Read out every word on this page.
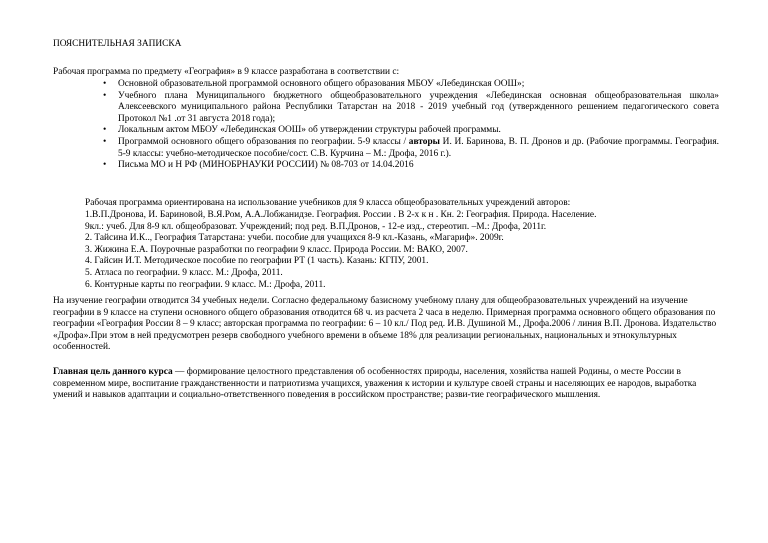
ПОЯСНИТЕЛЬНАЯ ЗАПИСКА
Рабочая программа по предмету «География» в 9 классе разработана в соответствии с:
• Основной образовательной программой основного общего образования МБОУ «Лебединская ООШ»;
• Учебного плана Муниципального бюджетного общеобразовательного учреждения «Лебединская основная общеобразовательная школа» Алексеевского муниципального района Республики Татарстан на 2018 - 2019 учебный год (утвержденного решением педагогического совета Протокол №1 .от 31 августа 2018 года);
• Локальным актом МБОУ «Лебединская ООШ» об утверждении структуры рабочей программы.
• Программой основного общего образования по географии. 5-9 классы / авторы И. И. Баринова, В. П. Дронов и др. (Рабочие программы. География. 5-9 классы: учебно-методическое пособие/сост. С.В. Курчина – М.: Дрофа, 2016 г.).
• Письма МО и Н РФ (МИНОБРНАУКИ РОССИИ) № 08-703 от 14.04.2016
Рабочая программа ориентирована на использование учебников для 9 класса общеобразовательных учреждений авторов:
1.В.П.Дронова, И. Бариновой, В.Я.Ром, А.А.Лобжанидзе. География. России . В 2-х к н . Кн. 2: География. Природа. Население.
9кл.: учеб. Для 8-9 кл. общеобразоват. Учреждений; под ред. В.П.Дронов, - 12-е изд., стереотип. –М.: Дрофа, 2011г.
2. Тайсина И.К.., География Татарстана: учеби. пособие для учащихся 8-9 кл.-Казань, «Магариф». 2009г.
3. Жижина Е.А. Поурочные разработки по географии 9 класс. Природа России. М: ВАКО, 2007.
4. Гайсин И.Т. Методическое пособие по географии РТ (1 часть). Казань: КГПУ, 2001.
5. Атласа по географии. 9 класс. М.: Дрофа, 2011.
6. Контурные карты по географии. 9 класс. М.: Дрофа, 2011.
На изучение географии отводится 34 учебных недели. Согласно федеральному базисному учебному плану для общеобразовательных учреждений на изучение географии в 9 классе на ступени основного общего образования отводится 68 ч. из расчета 2 часа в неделю. Примерная программа основного общего образования по географии «География России 8 – 9 класс; авторская программа по географии: 6 – 10 кл./ Под ред. И.В. Душиной М., Дрофа.2006 / линия В.П. Дронова. Издательство «Дрофа».При этом в ней предусмотрен резерв свободного учебного времени в объеме 18% для реализации региональных, национальных и этнокультурных особенностей.
Главная цель данного курса — формирование целостного представления об особенностях природы, населения, хозяйства нашей Родины, о месте России в современном мире, воспитание гражданственности и патриотизма учащихся, уважения к истории и культуре своей страны и населяющих ее народов, выработка умений и навыков адаптации и социально-ответственного поведения в российском пространстве; разви-тие географического мышления.
